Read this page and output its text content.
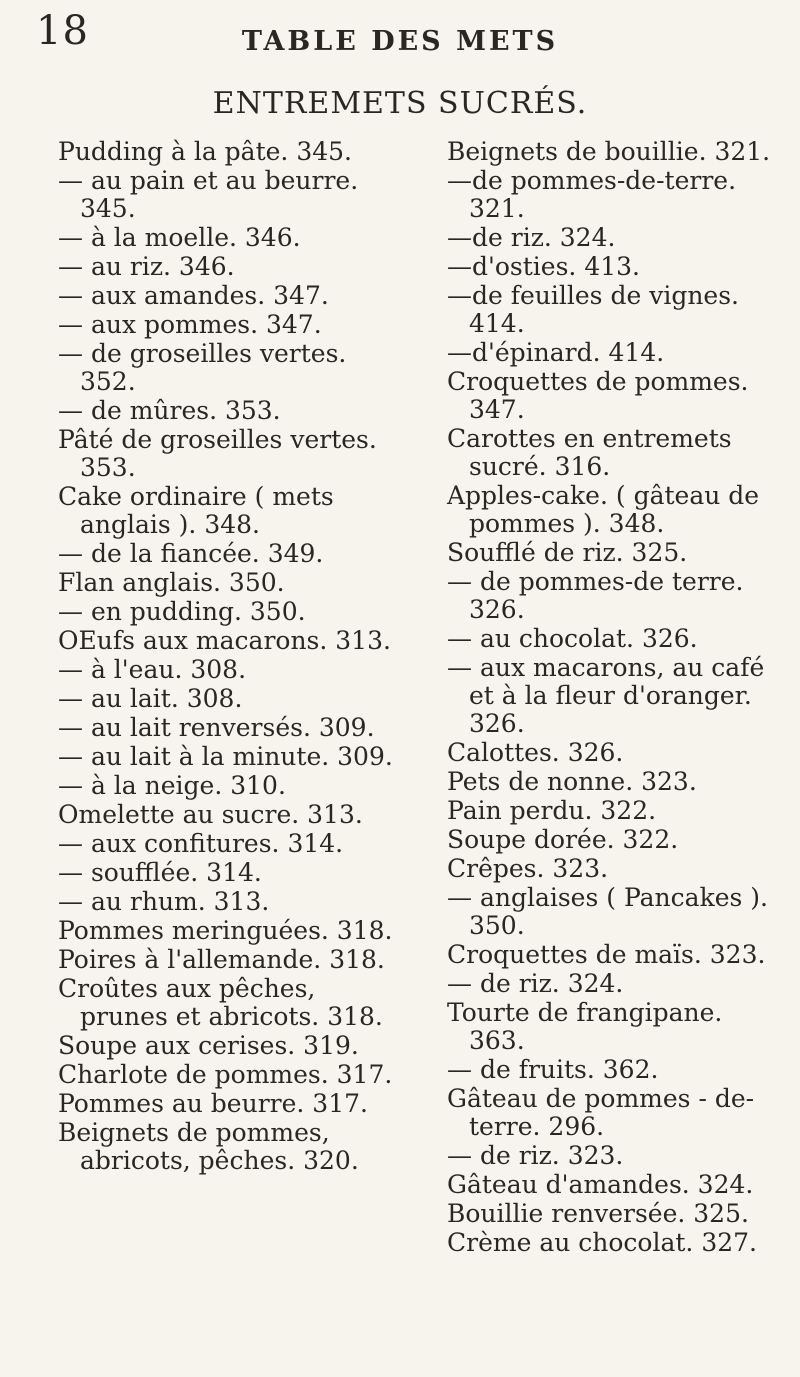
18	TABLE DES METS
ENTREMETS SUCRÉS.

Pudding à la pâte. 345.

— au pain et au beurre. 345.

— à la moelle. 346.

— au riz. 346.

— aux amandes. 347.

— aux pommes. 347.

— de groseilles vertes. 352.

— de mûres. 353.

Pâté de groseilles vertes. 353.

Cake ordinaire ( mets anglais ). 348.

— de la fiancée. 349.

Flan anglais. 350.

— en pudding. 350.

OEufs aux macarons. 313.

— à l'eau. 308.

— au lait. 308.

— au lait renversés. 309.

— au lait à la minute. 309.

— à la neige. 310.

Omelette au sucre. 313.

— aux confitures. 314.

— soufflée. 314.

— au rhum. 313.

Pommes meringuées. 318.

Poires à l'allemande. 318.

Croûtes aux pêches, prunes et abricots. 318.

Soupe aux cerises. 319.

Charlote de pommes. 317.

Pommes au beurre. 317.

Beignets de pommes, abricots, pêches. 320.

Beignets de bouillie. 321.

—de pommes-de-terre. 321.

—de riz. 324.

—d'osties. 413.

—de feuilles de vignes. 414.

—d'épinard. 414.

Croquettes de pommes. 347.

Carottes en entremets sucré. 316.

Apples-cake. ( gâteau de pommes ). 348.

Soufflé de riz. 325.

— de pommes-de terre. 326.

— au chocolat. 326.

— aux macarons, au café et à la fleur d'oranger. 326.

Calottes. 326.

Pets de nonne. 323.

Pain perdu. 322.

Soupe dorée. 322.

Crêpes. 323.

— anglaises ( Pancakes ). 350.

Croquettes de maïs. 323.

— de riz. 324.

Tourte de frangipane. 363.

— de fruits. 362.

Gâteau de pommes - de-terre. 296.

— de riz. 323.

Gâteau d'amandes. 324.

Bouillie renversée. 325.

Crème au chocolat. 327.
